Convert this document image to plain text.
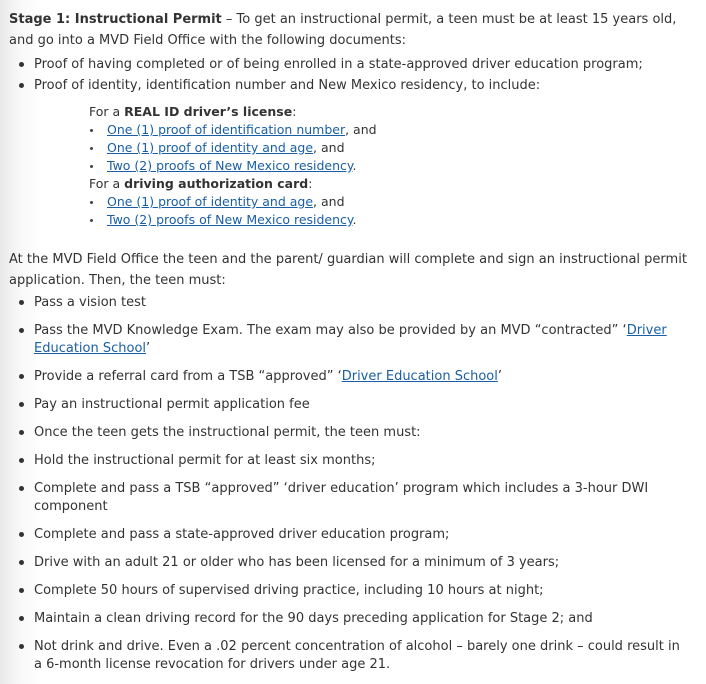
Stage 1: Instructional Permit – To get an instructional permit, a teen must be at least 15 years old, and go into a MVD Field Office with the following documents:

Proof of having completed or of being enrolled in a state-approved driver education program;
Proof of identity, identification number and New Mexico residency, to include:
For a REAL ID driver’s license:
One (1) proof of identification number, and
One (1) proof of identity and age, and
Two (2) proofs of New Mexico residency.
For a driving authorization card:
One (1) proof of identity and age, and
Two (2) proofs of New Mexico residency.

At the MVD Field Office the teen and the parent/ guardian will complete and sign an instructional permit application. Then, the teen must:

Pass a vision test
Pass the MVD Knowledge Exam. The exam may also be provided by an MVD “contracted” ‘Driver Education School’
Provide a referral card from a TSB “approved” ‘Driver Education School’
Pay an instructional permit application fee
Once the teen gets the instructional permit, the teen must:
Hold the instructional permit for at least six months;
Complete and pass a TSB “approved” ‘driver education’ program which includes a 3-hour DWI component
Complete and pass a state-approved driver education program;
Drive with an adult 21 or older who has been licensed for a minimum of 3 years;
Complete 50 hours of supervised driving practice, including 10 hours at night;
Maintain a clean driving record for the 90 days preceding application for Stage 2; and
Not drink and drive. Even a .02 percent concentration of alcohol – barely one drink – could result in a 6-month license revocation for drivers under age 21.
